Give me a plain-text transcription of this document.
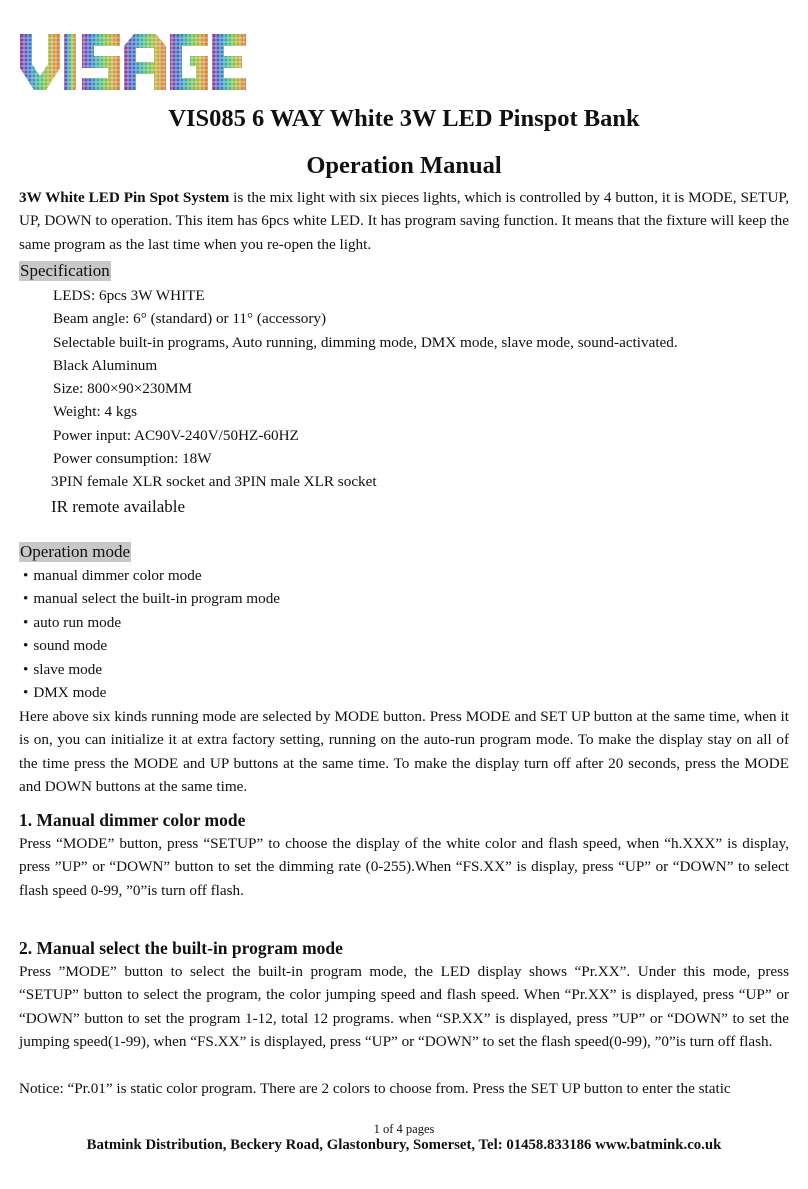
VIS085 6 WAY White 3W LED Pinspot Bank
Operation Manual

3W White LED Pin Spot System is the mix light with six pieces lights, which is controlled by 4 button, it is MODE, SETUP, UP, DOWN to operation. This item has 6pcs white LED. It has program saving function. It means that the fixture will keep the same program as the last time when you re-open the light.

Specification
LEDS: 6pcs 3W WHITE
Beam angle: 6° (standard) or 11° (accessory)
Selectable built-in programs, Auto running, dimming mode, DMX mode, slave mode, sound-activated.
Black Aluminum
Size: 800×90×230MM
Weight: 4 kgs
Power input: AC90V-240V/50HZ-60HZ
Power consumption: 18W
3PIN female XLR socket and 3PIN male XLR socket
IR remote available
Operation mode
• manual dimmer color mode
• manual select the built-in program mode
• auto run mode
• sound mode
• slave mode
• DMX mode

Here above six kinds running mode are selected by MODE button. Press MODE and SET UP button at the same time, when it is on, you can initialize it at extra factory setting, running on the auto-run program mode. To make the display stay on all of the time press the MODE and UP buttons at the same time. To make the display turn off after 20 seconds, press the MODE and DOWN buttons at the same time.

1. Manual dimmer color mode

Press “MODE” button, press “SETUP” to choose the display of the white color and flash speed, when “h.XXX” is display, press ”UP” or “DOWN” button to set the dimming rate (0-255).When “FS.XX” is display, press “UP” or “DOWN” to select flash speed 0-99, ”0”is turn off flash.

2. Manual select the built-in program mode

Press ”MODE” button to select the built-in program mode, the LED display shows “Pr.XX”. Under this mode, press “SETUP” button to select the program, the color jumping speed and flash speed. When “Pr.XX” is displayed, press “UP” or “DOWN” button to set the program 1-12, total 12 programs. when “SP.XX” is displayed, press ”UP” or “DOWN” to set the jumping speed(1-99), when “FS.XX” is displayed, press “UP” or “DOWN” to set the flash speed(0-99), ”0”is turn off flash.

Notice: “Pr.01” is static color program. There are 2 colors to choose from. Press the SET UP button to enter the static

1 of 4 pages
Batmink Distribution, Beckery Road, Glastonbury, Somerset, Tel: 01458.833186 www.batmink.co.uk
